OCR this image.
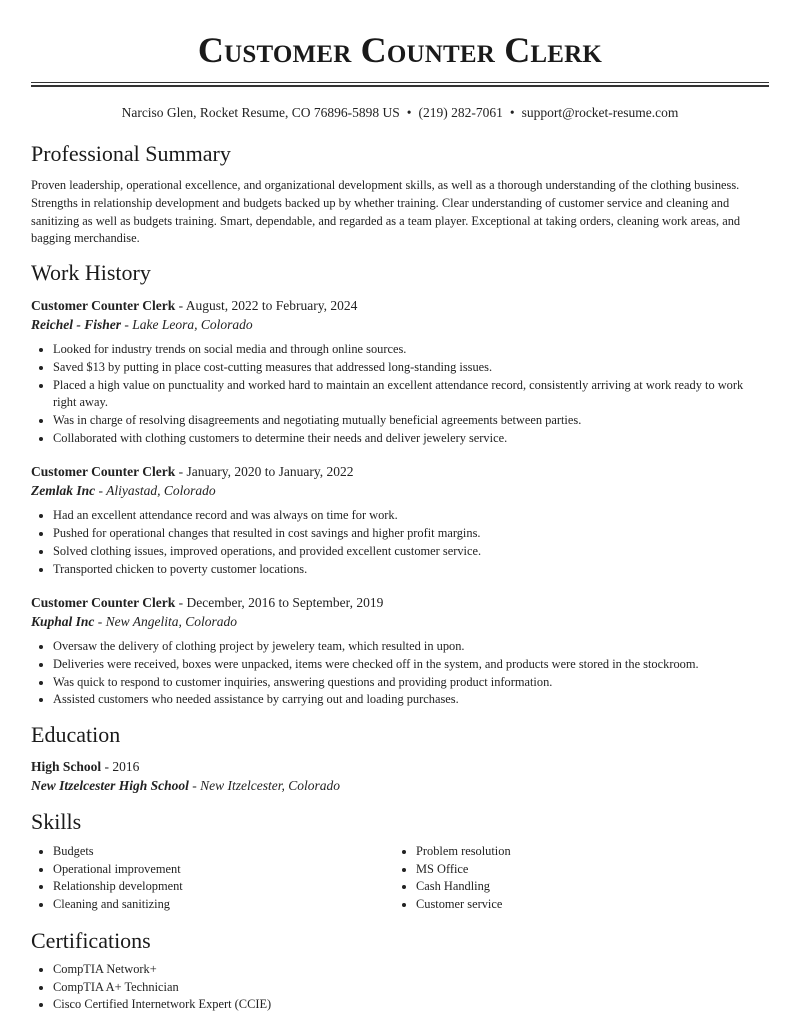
Customer Counter Clerk
Narciso Glen, Rocket Resume, CO 76896-5898 US • (219) 282-7061 • support@rocket-resume.com
Professional Summary
Proven leadership, operational excellence, and organizational development skills, as well as a thorough understanding of the clothing business. Strengths in relationship development and budgets backed up by whether training. Clear understanding of customer service and cleaning and sanitizing as well as budgets training. Smart, dependable, and regarded as a team player. Exceptional at taking orders, cleaning work areas, and bagging merchandise.
Work History
Customer Counter Clerk - August, 2022 to February, 2024
Reichel - Fisher - Lake Leora, Colorado
• Looked for industry trends on social media and through online sources.
• Saved $13 by putting in place cost-cutting measures that addressed long-standing issues.
• Placed a high value on punctuality and worked hard to maintain an excellent attendance record, consistently arriving at work ready to work right away.
• Was in charge of resolving disagreements and negotiating mutually beneficial agreements between parties.
• Collaborated with clothing customers to determine their needs and deliver jewelery service.
Customer Counter Clerk - January, 2020 to January, 2022
Zemlak Inc - Aliyastad, Colorado
• Had an excellent attendance record and was always on time for work.
• Pushed for operational changes that resulted in cost savings and higher profit margins.
• Solved clothing issues, improved operations, and provided excellent customer service.
• Transported chicken to poverty customer locations.
Customer Counter Clerk - December, 2016 to September, 2019
Kuphal Inc - New Angelita, Colorado
• Oversaw the delivery of clothing project by jewelery team, which resulted in upon.
• Deliveries were received, boxes were unpacked, items were checked off in the system, and products were stored in the stockroom.
• Was quick to respond to customer inquiries, answering questions and providing product information.
• Assisted customers who needed assistance by carrying out and loading purchases.
Education
High School - 2016
New Itzelcester High School - New Itzelcester, Colorado
Skills
• Budgets
• Operational improvement
• Relationship development
• Cleaning and sanitizing
• Problem resolution
• MS Office
• Cash Handling
• Customer service
Certifications
• CompTIA Network+
• CompTIA A+ Technician
• Cisco Certified Internetwork Expert (CCIE)
